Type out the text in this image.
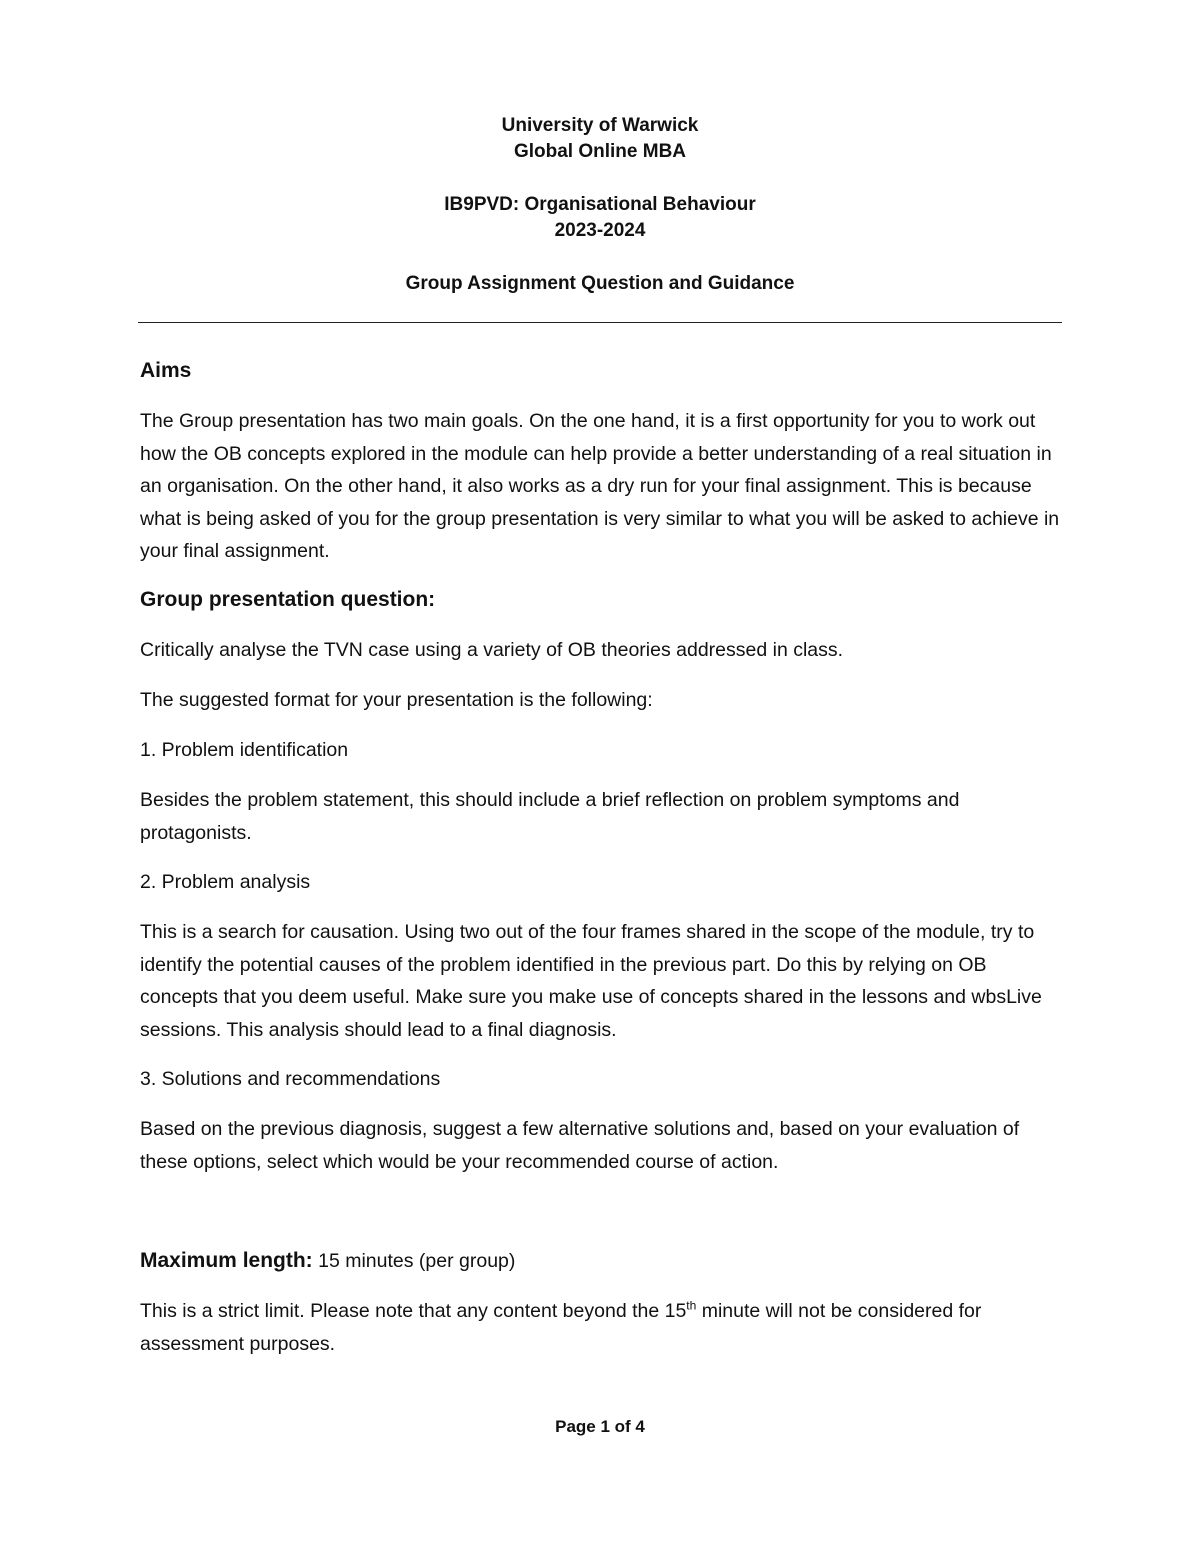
University of Warwick
Global Online MBA
IB9PVD: Organisational Behaviour
2023-2024
Group Assignment Question and Guidance
Aims
The Group presentation has two main goals. On the one hand, it is a first opportunity for you to work out how the OB concepts explored in the module can help provide a better understanding of a real situation in an organisation. On the other hand, it also works as a dry run for your final assignment. This is because what is being asked of you for the group presentation is very similar to what you will be asked to achieve in your final assignment.
Group presentation question:
Critically analyse the TVN case using a variety of OB theories addressed in class.
The suggested format for your presentation is the following:
1. Problem identification
Besides the problem statement, this should include a brief reflection on problem symptoms and protagonists.
2. Problem analysis
This is a search for causation. Using two out of the four frames shared in the scope of the module, try to identify the potential causes of the problem identified in the previous part. Do this by relying on OB concepts that you deem useful. Make sure you make use of concepts shared in the lessons and wbsLive sessions. This analysis should lead to a final diagnosis.
3. Solutions and recommendations
Based on the previous diagnosis, suggest a few alternative solutions and, based on your evaluation of these options, select which would be your recommended course of action.
Maximum length: 15 minutes (per group)
This is a strict limit. Please note that any content beyond the 15th minute will not be considered for assessment purposes.
Page 1 of 4
